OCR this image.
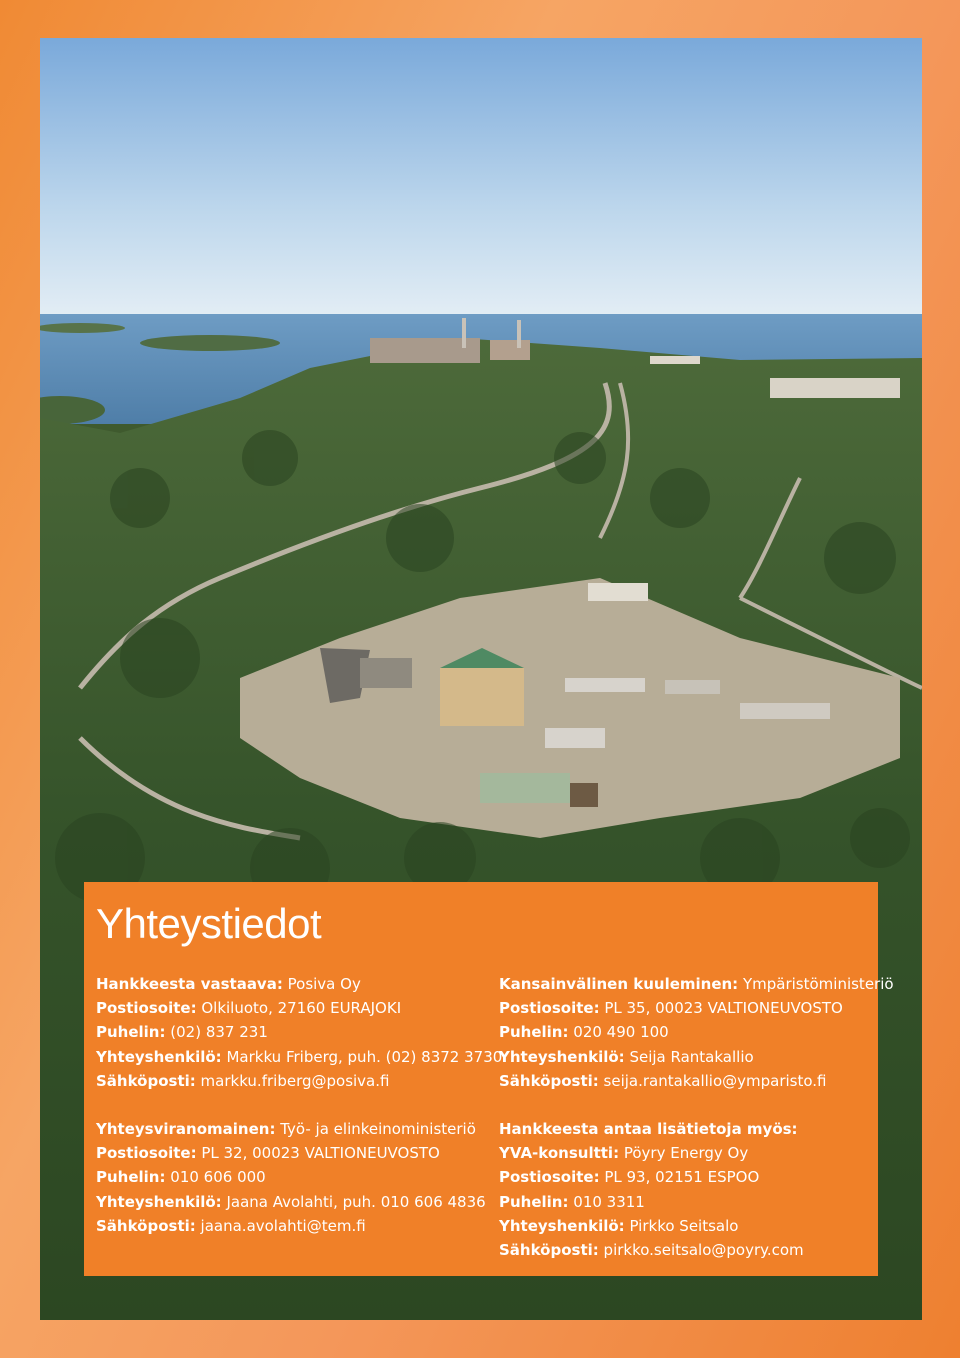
Yhteystiedot
Hankkeesta vastaava: Posiva Oy
Postiosoite: Olkiluoto, 27160 EURAJOKI
Puhelin: (02) 837 231
Yhteyshenkilö: Markku Friberg, puh. (02) 8372 3730
Sähköposti: markku.friberg@posiva.fi
Yhteysviranomainen: Työ- ja elinkeinoministeriö
Postiosoite: PL 32, 00023 VALTIONEUVOSTO
Puhelin: 010 606 000
Yhteyshenkilö: Jaana Avolahti, puh. 010 606 4836
Sähköposti: jaana.avolahti@tem.fi
Kansainvälinen kuuleminen: Ympäristöministeriö
Postiosoite: PL 35, 00023 VALTIONEUVOSTO
Puhelin: 020 490 100
Yhteyshenkilö: Seija Rantakallio
Sähköposti: seija.rantakallio@ymparisto.fi
Hankkeesta antaa lisätietoja myös:
YVA-konsultti: Pöyry Energy Oy
Postiosoite: PL 93, 02151 ESPOO
Puhelin: 010 3311
Yhteyshenkilö: Pirkko Seitsalo
Sähköposti: pirkko.seitsalo@poyry.com
